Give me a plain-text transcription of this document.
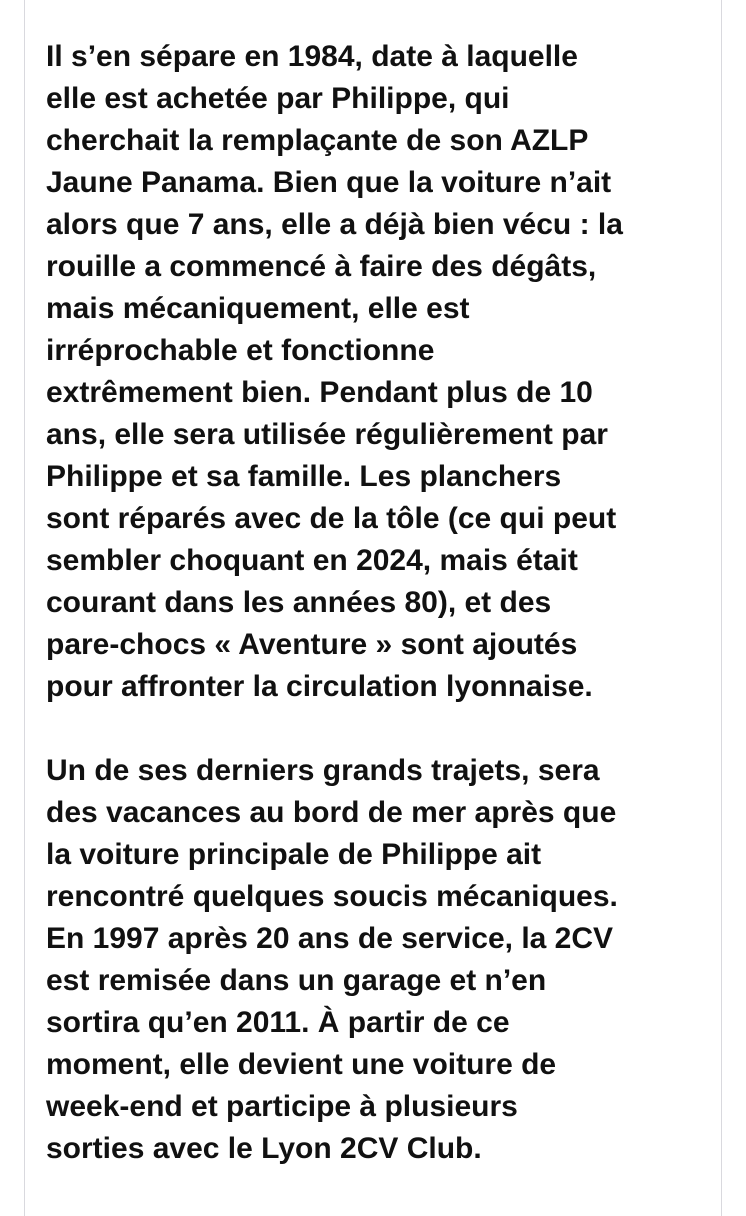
Il s’en sépare en 1984, date à laquelle
elle est achetée par Philippe, qui
cherchait la remplaçante de son AZLP
Jaune Panama. Bien que la voiture n’ait
alors que 7 ans, elle a déjà bien vécu : la
rouille a commencé à faire des dégâts,
mais mécaniquement, elle est
irréprochable et fonctionne
extrêmement bien. Pendant plus de 10
ans, elle sera utilisée régulièrement par
Philippe et sa famille. Les planchers
sont réparés avec de la tôle (ce qui peut
sembler choquant en 2024, mais était
courant dans les années 80), et des
pare-chocs « Aventure » sont ajoutés
pour affronter la circulation lyonnaise.

Un de ses derniers grands trajets, sera
des vacances au bord de mer après que
la voiture principale de Philippe ait
rencontré quelques soucis mécaniques.
En 1997 après 20 ans de service, la 2CV
est remisée dans un garage et n’en
sortira qu’en 2011. À partir de ce
moment, elle devient une voiture de
week-end et participe à plusieurs
sorties avec le Lyon 2CV Club.
